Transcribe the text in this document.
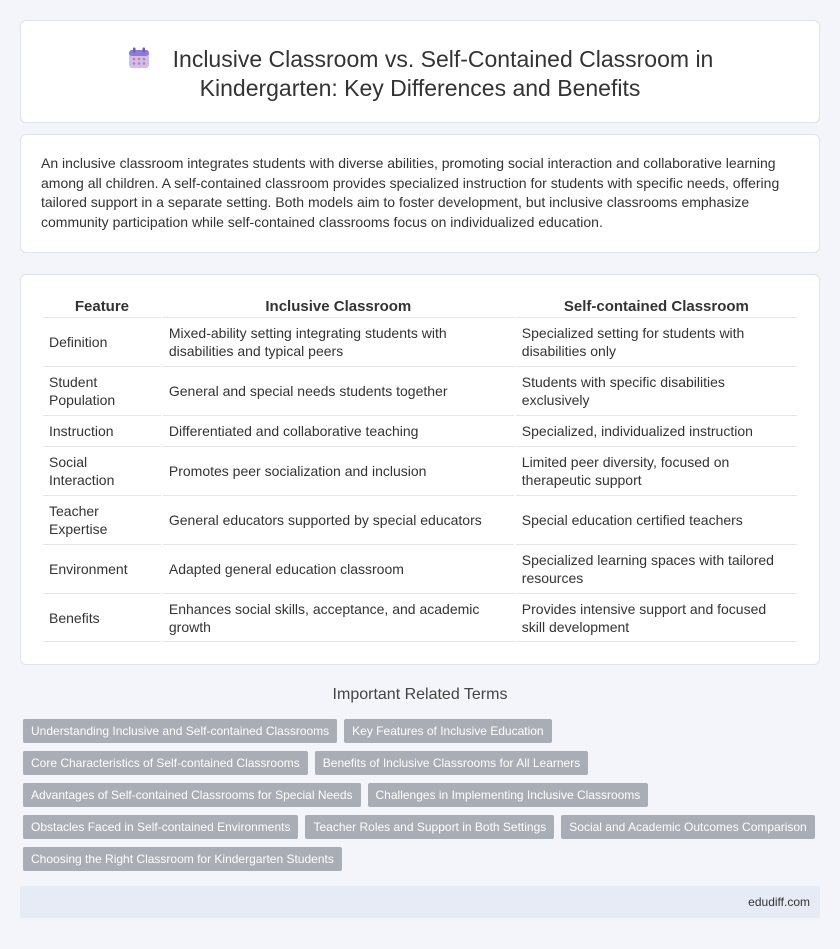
Inclusive Classroom vs. Self-Contained Classroom in
Kindergarten: Key Differences and Benefits

An inclusive classroom integrates students with diverse abilities, promoting social interaction and collaborative learning among all children. A self-contained classroom provides specialized instruction for students with specific needs, offering tailored support in a separate setting. Both models aim to foster development, but inclusive classrooms emphasize community participation while self-contained classrooms focus on individualized education.

Feature	Inclusive Classroom	Self-contained Classroom
Definition	Mixed-ability setting integrating students with disabilities and typical peers	Specialized setting for students with disabilities only
Student Population	General and special needs students together	Students with specific disabilities exclusively
Instruction	Differentiated and collaborative teaching	Specialized, individualized instruction
Social Interaction	Promotes peer socialization and inclusion	Limited peer diversity, focused on therapeutic support
Teacher Expertise	General educators supported by special educators	Special education certified teachers
Environment	Adapted general education classroom	Specialized learning spaces with tailored resources
Benefits	Enhances social skills, acceptance, and academic growth	Provides intensive support and focused skill development
Important Related Terms
Understanding Inclusive and Self-contained Classrooms	Key Features of Inclusive Education
Core Characteristics of Self-contained Classrooms	Benefits of Inclusive Classrooms for All Learners
Advantages of Self-contained Classrooms for Special Needs	Challenges in Implementing Inclusive Classrooms
Obstacles Faced in Self-contained Environments	Teacher Roles and Support in Both Settings	Social and Academic Outcomes Comparison
Choosing the Right Classroom for Kindergarten Students
edudiff.com
